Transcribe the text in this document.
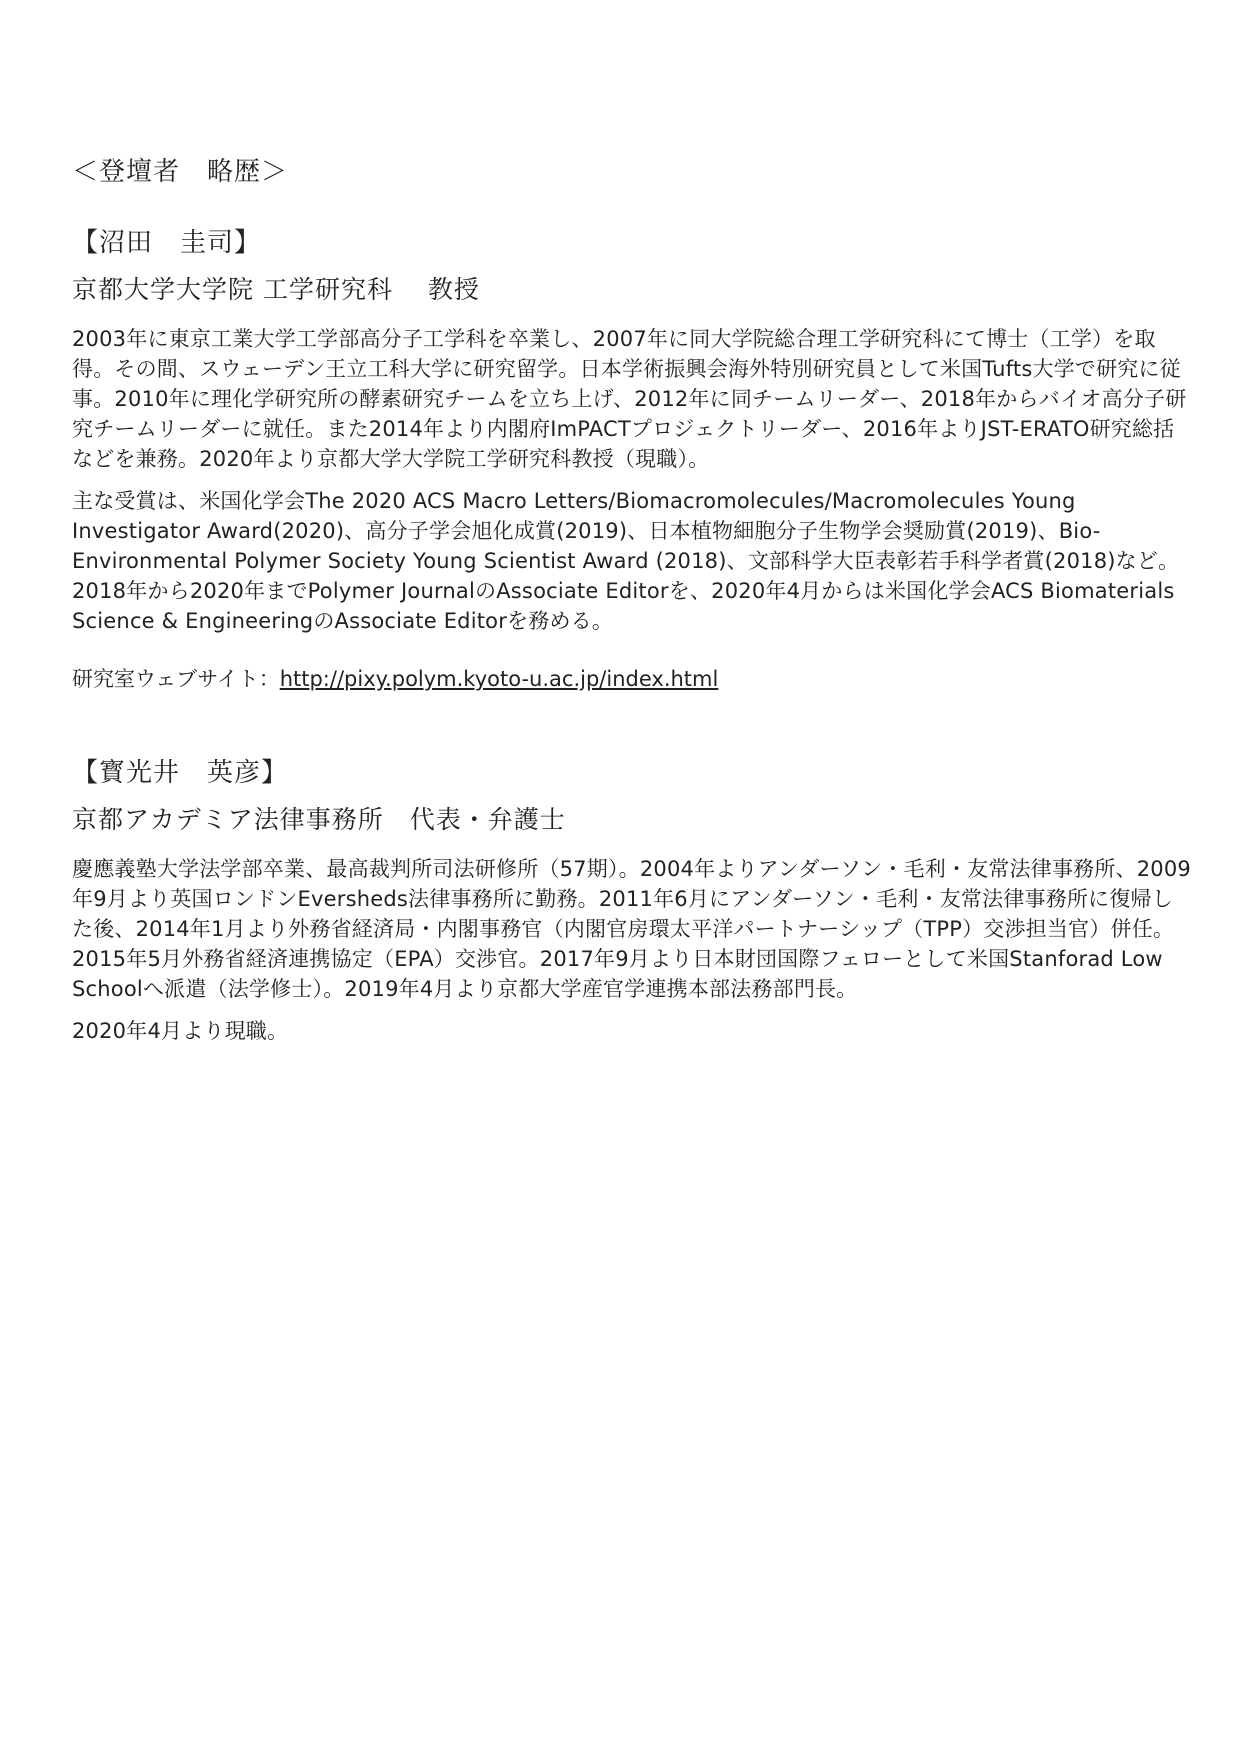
＜登壇者　略歴＞
【沼田　圭司】
京都大学大学院 工学研究科　 教授

2003年に東京工業大学工学部高分子工学科を卒業し、2007年に同大学院総合理工学研究科にて博士（工学）を取得。その間、スウェーデン王立工科大学に研究留学。日本学術振興会海外特別研究員として米国Tufts大学で研究に従事。2010年に理化学研究所の酵素研究チームを立ち上げ、2012年に同チームリーダー、2018年からバイオ高分子研究チームリーダーに就任。また2014年より内閣府ImPACTプロジェクトリーダー、2016年よりJST-ERATO研究総括などを兼務。2020年より京都大学大学院工学研究科教授（現職）。

主な受賞は、米国化学会The 2020 ACS Macro Letters/Biomacromolecules/Macromolecules Young Investigator Award(2020)、高分子学会旭化成賞(2019)、日本植物細胞分子生物学会奨励賞(2019)、Bio-Environmental Polymer Society Young Scientist Award (2018)、文部科学大臣表彰若手科学者賞(2018)など。2018年から2020年までPolymer JournalのAssociate Editorを、2020年4月からは米国化学会ACS Biomaterials Science & EngineeringのAssociate Editorを務める。

研究室ウェブサイト：http://pixy.polym.kyoto-u.ac.jp/index.html

【寳光井　英彦】
京都アカデミア法律事務所　代表・弁護士

慶應義塾大学法学部卒業、最高裁判所司法研修所（57期）。2004年よりアンダーソン・毛利・友常法律事務所、2009年9月より英国ロンドンEversheds法律事務所に勤務。2011年6月にアンダーソン・毛利・友常法律事務所に復帰した後、2014年1月より外務省経済局・内閣事務官（内閣官房環太平洋パートナーシップ（TPP）交渉担当官）併任。2015年5月外務省経済連携協定（EPA）交渉官。2017年9月より日本財団国際フェローとして米国Stanforad Low Schoolへ派遣（法学修士）。2019年4月より京都大学産官学連携本部法務部門長。

2020年4月より現職。
